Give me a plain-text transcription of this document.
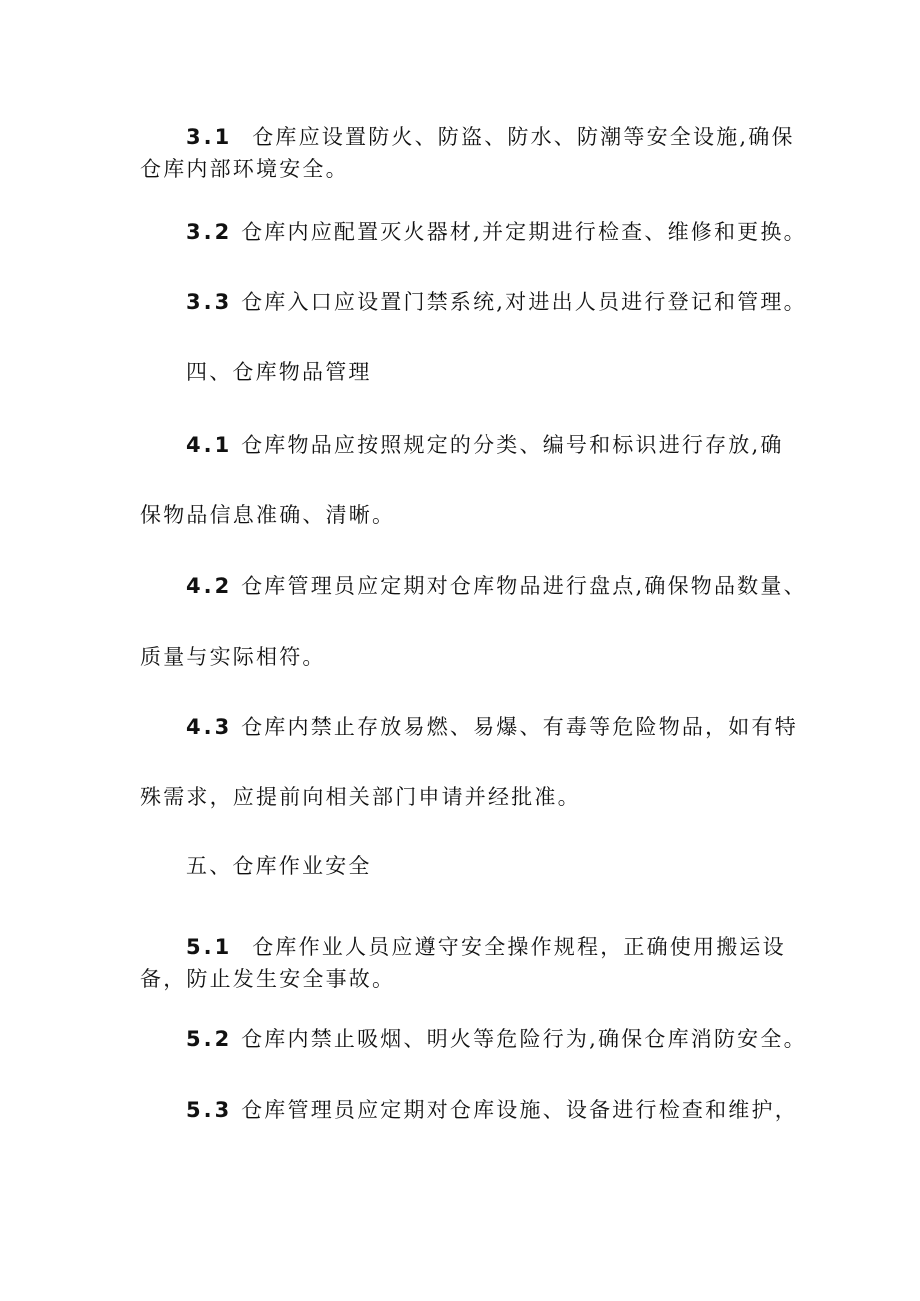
3.1 仓库应设置防火、防盗、防水、防潮等安全设施,确保
仓库内部环境安全。
3.2 仓库内应配置灭火器材,并定期进行检查、维修和更换。
3.3 仓库入口应设置门禁系统,对进出人员进行登记和管理。
四、仓库物品管理
4.1 仓库物品应按照规定的分类、编号和标识进行存放,确
保物品信息准确、清晰。
4.2 仓库管理员应定期对仓库物品进行盘点,确保物品数量、
质量与实际相符。
4.3 仓库内禁止存放易燃、易爆、有毒等危险物品，如有特
殊需求，应提前向相关部门申请并经批准。
五、仓库作业安全
5.1 仓库作业人员应遵守安全操作规程，正确使用搬运设
备，防止发生安全事故。
5.2 仓库内禁止吸烟、明火等危险行为,确保仓库消防安全。
5.3 仓库管理员应定期对仓库设施、设备进行检查和维护，
